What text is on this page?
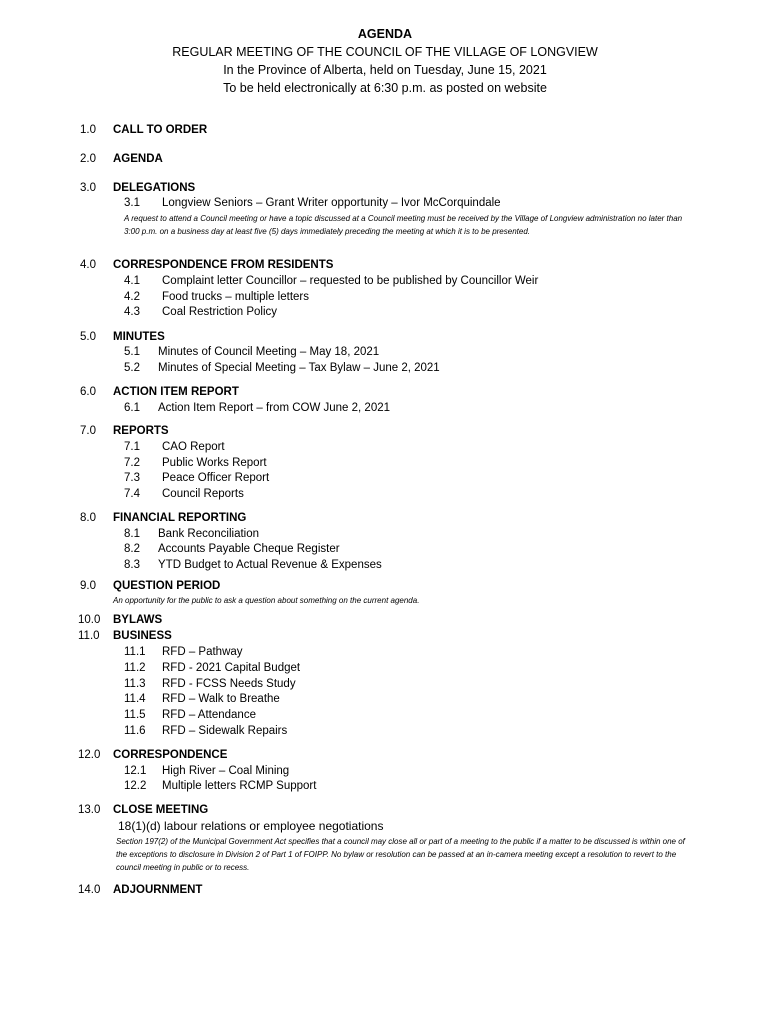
AGENDA
REGULAR MEETING OF THE COUNCIL OF THE VILLAGE OF LONGVIEW
In the Province of Alberta, held on Tuesday, June 15, 2021
To be held electronically at 6:30 p.m. as posted on website
1.0 CALL TO ORDER
2.0 AGENDA
3.0 DELEGATIONS
3.1 Longview Seniors – Grant Writer opportunity – Ivor McCorquindale
A request to attend a Council meeting or have a topic discussed at a Council meeting must be received by the Village of Longview administration no later than 3:00 p.m. on a business day at least five (5) days immediately preceding the meeting at which it is to be presented.
4.0 CORRESPONDENCE FROM RESIDENTS
4.1 Complaint letter Councillor – requested to be published by Councillor Weir
4.2 Food trucks – multiple letters
4.3 Coal Restriction Policy
5.0 MINUTES
5.1 Minutes of Council Meeting – May 18, 2021
5.2 Minutes of Special Meeting – Tax Bylaw – June 2, 2021
6.0 ACTION ITEM REPORT
6.1 Action Item Report – from COW June 2, 2021
7.0 REPORTS
7.1 CAO Report
7.2 Public Works Report
7.3 Peace Officer Report
7.4 Council Reports
8.0 FINANCIAL REPORTING
8.1 Bank Reconciliation
8.2 Accounts Payable Cheque Register
8.3 YTD Budget to Actual Revenue & Expenses
9.0 QUESTION PERIOD
An opportunity for the public to ask a question about something on the current agenda.
10.0 BYLAWS
11.0 BUSINESS
11.1 RFD – Pathway
11.2 RFD - 2021 Capital Budget
11.3 RFD - FCSS Needs Study
11.4 RFD – Walk to Breathe
11.5 RFD – Attendance
11.6 RFD – Sidewalk Repairs
12.0 CORRESPONDENCE
12.1 High River – Coal Mining
12.2 Multiple letters RCMP Support
13.0 CLOSE MEETING
18(1)(d) labour relations or employee negotiations
Section 197(2) of the Municipal Government Act specifies that a council may close all or part of a meeting to the public if a matter to be discussed is within one of the exceptions to disclosure in Division 2 of Part 1 of FOIPP. No bylaw or resolution can be passed at an in-camera meeting except a resolution to revert to the council meeting in public or to recess.
14.0 ADJOURNMENT
